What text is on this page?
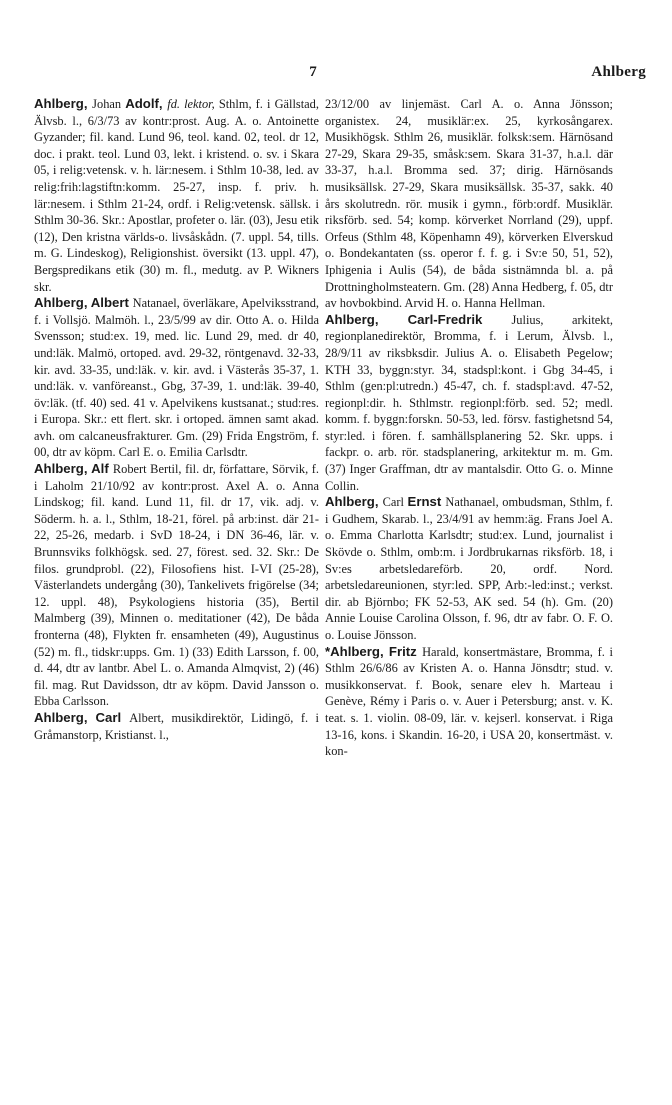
7	Ahlberg

Ahlberg, Johan Adolf, fd. lektor, Sthlm, f. i Gällstad, Älvsb. l., 6/3/73 av kontr:prost. Aug. A. o. Antoinette Gyzander; fil. kand. Lund 96, teol. kand. 02, teol. dr 12, doc. i prakt. teol. Lund 03, lekt. i kristend. o. sv. i Skara 05, i relig:vetensk. v. h. lär:nesem. i Sthlm 10-38, led. av relig:frih:lagstiftn:komm. 25-27, insp. f. priv. h. lär:nesem. i Sthlm 21-24, ordf. i Relig:vetensk. sällsk. i Sthlm 30-36. Skr.: Apostlar, profeter o. lär. (03), Jesu etik (12), Den kristna världs-o. livsåskådn. (7. uppl. 54, tills. m. G. Lindeskog), Religionshist. översikt (13. uppl. 47), Bergspredikans etik (30) m. fl., medutg. av P. Wikners skr.

Ahlberg, Albert Natanael, överläkare, Apelviksstrand, f. i Vollsjö. Malmöh. l., 23/5/99 av dir. Otto A. o. Hilda Svensson; stud:ex. 19, med. lic. Lund 29, med. dr 40, und:läk. Malmö, ortoped. avd. 29-32, röntgenavd. 32-33, kir. avd. 33-35, und:läk. v. kir. avd. i Västerås 35-37, 1. und:läk. v. vanföreanst., Gbg, 37-39, 1. und:läk. 39-40, öv:läk. (tf. 40) sed. 41 v. Apelvikens kustsanat.; stud:res. i Europa. Skr.: ett flert. skr. i ortoped. ämnen samt akad. avh. om calcaneusfrakturer. Gm. (29) Frida Engström, f. 00, dtr av köpm. Carl E. o. Emilia Carlsdtr.

Ahlberg, Alf Robert Bertil, fil. dr, författare, Sörvik, f. i Laholm 21/10/92 av kontr:prost. Axel A. o. Anna Lindskog; fil. kand. Lund 11, fil. dr 17, vik. adj. v. Söderm. h. a. l., Sthlm, 18-21, förel. på arb:inst. där 21-22, 25-26, medarb. i SvD 18-24, i DN 36-46, lär. v. Brunnsviks folkhögsk. sed. 27, förest. sed. 32. Skr.: De filos. grundprobl. (22), Filosofiens hist. I-VI (25-28), Västerlandets undergång (30), Tankelivets frigörelse (34; 12. uppl. 48), Psykologiens historia (35), Bertil Malmberg (39), Minnen o. meditationer (42), De båda fronterna (48), Flykten fr. ensamheten (49), Augustinus (52) m. fl., tidskr:upps. Gm. 1) (33) Edith Larsson, f. 00, d. 44, dtr av lantbr. Abel L. o. Amanda Almqvist, 2) (46) fil. mag. Rut Davidsson, dtr av köpm. David Jansson o. Ebba Carlsson.

Ahlberg, Carl Albert, musikdirektör, Lidingö, f. i Gråmanstorp, Kristianst. l.,

23/12/00 av linjemäst. Carl A. o. Anna Jönsson; organistex. 24, musiklär:ex. 25, kyrkosångarex. Musikhögsk. Sthlm 26, musiklär. folksk:sem. Härnösand 27-29, Skara 29-35, småsk:sem. Skara 31-37, h.a.l. där 33-37, h.a.l. Bromma sed. 37; dirig. Härnösands musiksällsk. 27-29, Skara musiksällsk. 35-37, sakk. 40 års skolutredn. rör. musik i gymn., förb:ordf. Musiklär. riksförb. sed. 54; komp. körverket Norrland (29), uppf. Orfeus (Sthlm 48, Köpenhamn 49), körverken Elverskud o. Bondekantaten (ss. operor f. f. g. i Sv:e 50, 51, 52), Iphigenia i Aulis (54), de båda sistnämnda bl. a. på Drottningholmsteatern. Gm. (28) Anna Hedberg, f. 05, dtr av hovbokbind. Arvid H. o. Hanna Hellman.

Ahlberg, Carl-Fredrik Julius, arkitekt, regionplanedirektör, Bromma, f. i Lerum, Älvsb. l., 28/9/11 av riksbksdir. Julius A. o. Elisabeth Pegelow; KTH 33, byggn:styr. 34, stadspl:kont. i Gbg 34-45, i Sthlm (gen:pl:utredn.) 45-47, ch. f. stadspl:avd. 47-52, regionpl:dir. h. Sthlmstr. regionpl:förb. sed. 52; medl. komm. f. byggn:forskn. 50-53, led. försv. fastighetsnd 54, styr:led. i fören. f. samhällsplanering 52. Skr. upps. i fackpr. o. arb. rör. stadsplanering, arkitektur m. m. Gm. (37) Inger Graffman, dtr av mantalsdir. Otto G. o. Minne Collin.

Ahlberg, Carl Ernst Nathanael, ombudsman, Sthlm, f. i Gudhem, Skarab. l., 23/4/91 av hemm:äg. Frans Joel A. o. Emma Charlotta Karlsdtr; stud:ex. Lund, journalist i Skövde o. Sthlm, omb:m. i Jordbrukarnas riksförb. 18, i Sv:es arbetsledareförb. 20, ordf. Nord. arbetsledareunionen, styr:led. SPP, Arb:-led:inst.; verkst. dir. ab Björnbo; FK 52-53, AK sed. 54 (h). Gm. (20) Annie Louise Carolina Olsson, f. 96, dtr av fabr. O. F. O. o. Louise Jönsson.

*Ahlberg, Fritz Harald, konsertmästare, Bromma, f. i Sthlm 26/6/86 av Kristen A. o. Hanna Jönsdtr; stud. v. musikkonservat. f. Book, senare elev h. Marteau i Genève, Rémy i Paris o. v. Auer i Petersburg; anst. v. K. teat. s. 1. violin. 08-09, lär. v. kejserl. konservat. i Riga 13-16, kons. i Skandin. 16-20, i USA 20, konsertmäst. v. kon-
